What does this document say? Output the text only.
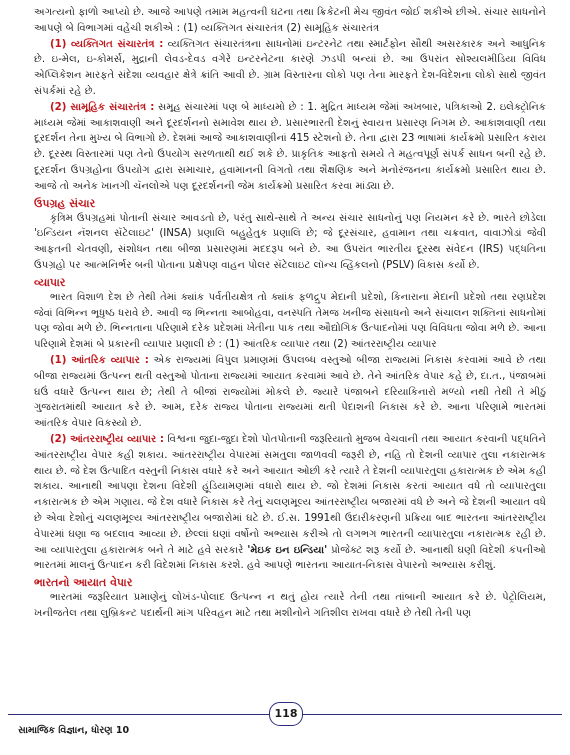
અગત્યનો ફાળો આપ્યો છે. આજે આપણે તમામ મહત્વની ઘટના તથા ક્રિકેટની મેચ જીવંત જોઈ શકીએ છીએ. સંચાર સાધનોને આપણે બે વિભાગમાં વહેંચી શકીએ : (1) વ્યક્તિગત સંચારતંત્ર (2) સામૂહિક સંચારતંત્ર

(1) વ્યક્તિગત સંચારતંત્ર : વ્યક્તિગત સંચારતંત્રના સાધનોમાં ઇન્ટરનેટ તથા સ્માર્ટફોન સૌથી અસરકારક અને આધુનિક છે. ઇ-મેલ, ઇ-કોમર્સ, મુદ્રાની લેવડ-દેવડ વગેરે ઇન્ટરનેટના કારણે ઝડપી બન્યાં છે. આ ઉપરાંત સોશ્યલમીડિયા વિવિધ એપ્લિકેશન મારફતે સંદેશા વ્યવહાર ક્ષેત્રે ક્રાંતિ આવી છે. ગ્રામ વિસ્તારના લોકો પણ તેના મારફતે દેશ-વિદેશના લોકો સાથે જીવંત સંપર્કમાં રહે છે.

(2) સામૂહિક સંચારતંત્ર : સમૂહ સંચારમાં પણ બે માધ્યમો છે : 1. મુદ્રિત માધ્યમ જેમાં અખબાર, પત્રિકાઓ 2. ઇલેક્ટ્રોનિક માધ્યમ જેમાં આકાશવાણી અને દૂરદર્શનનો સમાવેશ થાય છે. પ્રસારભારતી દેશનું સ્વાયત્ત પ્રસારણ નિગમ છે. આકાશવાણી તથા દૂરદર્શન તેના મુખ્ય બે વિભાગો છે. દેશમાં આજે આકાશવાણીનાં 415 સ્ટેશનો છે. તેના દ્વારા 23 ભાષામાં કાર્યક્રમો પ્રસારિત કરાય છે. દૂરસ્થ વિસ્તારમાં પણ તેનો ઉપયોગ સરળતાથી થઈ શકે છે. પ્રાકૃતિક આફતો સમયે તે મહત્વપૂર્ણ સંપર્ક સાધન બની રહે છે. દૂરદર્શન ઉપગ્રહોના ઉપયોગ દ્વારા સમાચાર, હવામાનની વિગતો તથા શૈક્ષણિક અને મનોરંજનના કાર્યક્રમો પ્રસારિત થાય છે. આજે તો અનેક ખાનગી ચૅનલોએ પણ દૂરદર્શનની જેમ કાર્યક્રમો પ્રસારિત કરવા માંડ્યા છે.

ઉપગ્રહ સંચાર

કૃત્રિમ ઉપગ્રહમાં પોતાની સંચાર આવડતો છે, પરંતુ સાથે-સાથે તે અન્ય સંચાર સાધનોનું પણ નિયમન કરે છે. ભારતે છોડેલા 'ઇન્ડિયન નૅશનલ સૅટેલાઇટ' (INSA) પ્રણાલિ બહુહેતુક પ્રણાલિ છે; જે દૂરસંચાર, હવામાન તથા ચક્રવાત, વાવાઝોડાં જેવી આફતની ચેતવણી, સંશોધન તથા બીજા પ્રસારણમાં મદદરૂપ બને છે. આ ઉપરાંત ભારતીય દૂરસ્થ સંવેદન (IRS) પદ્ધતિના ઉપગ્રહો પર આત્મનિર્ભર બની પોતાના પ્રક્ષેપણ વાહન પોલર સૅટેલાઇટ લૉન્ચ વ્હિકલનો (PSLV) વિકાસ કર્યો છે.

વ્યાપાર

ભારત વિશાળ દેશ છે તેથી તેમાં ક્યાંક પર્વતીયક્ષેત્ર તો ક્યાંક ફળદ્રુપ મેદાની પ્રદેશો, કિનારાના મેદાની પ્રદેશો તથા રણપ્રદેશ જેવાં વિભિન્ન ભૂધૃષ્ઠ ધરાવે છે. આવી જ ભિન્નતા આબોહવા, વનસ્પતિ તેમજ ખનીજ સંસાધનો અને સંચાલન શક્તિનાં સાધનોમાં પણ જોવા મળે છે. ભિન્નતાના પરિણામે દરેક પ્રદેશમાં ખેતીના પાક તથા ઔદ્યોગિક ઉત્પાદનોમાં પણ વિવિધતા જોવા મળે છે. આના પરિણામે દેશમાં બે પ્રકારની વ્યાપાર પ્રણાલી છે : (1) આંતરિક વ્યાપાર તથા (2) આંતરરાષ્ટ્રીય વ્યાપાર

(1) આંતરિક વ્યાપાર : એક રાજ્યમાં વિપુલ પ્રમાણમાં ઉપલબ્ધ વસ્તુઓ બીજા રાજ્યમાં નિકાસ કરવામાં આવે છે તથા બીજા રાજ્યમાં ઉત્પન્ન થતી વસ્તુઓ પોતાના રાજ્યમાં આયાત કરવામાં આવે છે. તેને આંતરિક વેપાર કહે છે, દા.ત., પંજાબમાં ઘઉં વધારે ઉત્પન્ન થાય છે; તેથી તે બીજાં રાજ્યોમાં મોકલે છે. જ્યારે પંજાબને દરિયાકિનારો મળ્યો નથી તેથી તે મીઠું ગુજરાતમાંથી આયાત કરે છે. આમ, દરેક રાજ્ય પોતાના રાજ્યમાં થતી પેદાશની નિકાસ કરે છે. આના પરિણામે ભારતમાં આંતરિક વેપાર વિકસ્યો છે.

(2) આંતરરાષ્ટ્રીય વ્યાપાર : વિશ્વના જુદા-જુદા દેશો પોતપોતાની જરૂરિયાતો મુજબ વેચવાની તથા આયાત કરવાની પદ્ધતિને આંતરરાષ્ટ્રીય વેપાર કહી શકાય. આંતરરાષ્ટ્રીય વેપારમાં સમતુલા જાળવવી જરૂરી છે, નહિ તો દેશની વ્યાપાર તુલા નકારાત્મક થાય છે. જે દેશ ઉત્પાદિત વસ્તુની નિકાસ વધારે કરે અને આયાત ઓછી કરે ત્યારે તે દેશની વ્યાપારતુલા હકારાત્મક છે એમ કહી શકાય. આનાથી આપણા દેશના વિદેશી હૂંડિયામણમાં વધારો થાય છે. જો દેશમાં નિકાસ કરતાં આયાત વધે તો વ્યાપારતુલા નકારાત્મક છે એમ ગણાય. જે દેશ વધારે નિકાસ કરે તેનું ચલણમૂલ્ય આંતરરાષ્ટ્રીય બજારમાં વધે છે અને જે દેશની આયાત વધે છે એવા દેશોનું ચલણમૂલ્ય આંતરરાષ્ટ્રીય બજારોમાં ઘટે છે. ઈ.સ. 1991થી ઉદારીકરણની પ્રક્રિયા બાદ ભારતના આંતરરાષ્ટ્રીય વેપારમાં ઘણા જ બદલાવ આવ્યા છે. છેલ્લાં ઘણાં વર્ષોનો અભ્યાસ કરીએ તો લગભગ ભારતની વ્યાપારતુલા નકારાત્મક રહી છે. આ વ્યાપારતુલા હકારાત્મક બને તે માટે હવે સરકારે 'મેઇક ઇન ઇન્ડિયા' પ્રોજેક્ટ શરૂ કર્યો છે. આનાથી ઘણી વિદેશી કંપનીઓ ભારતમાં માલનું ઉત્પાદન કરી વિદેશમાં નિકાસ કરશે. હવે આપણે ભારતના આયાત-નિકાસ વેપારનો અભ્યાસ કરીશું.

ભારતનો આયાત વેપાર

ભારતમાં જરૂરિયાત પ્રમાણેનું લોખંડ-પોલાદ ઉત્પન્ન ન થતું હોય ત્યારે તેની તથા તાંબાની આયાત કરે છે. પેટ્રોલિયમ, ખનીજતેલ તથા લુબ્રિકન્ટ પદાર્થની માંગ પરિવહન માટે તથા મશીનોને ગતિશીલ રાખવા વધારે છે તેથી તેની પણ

118
સામાજિક વિજ્ઞાન, ધોરણ 10
